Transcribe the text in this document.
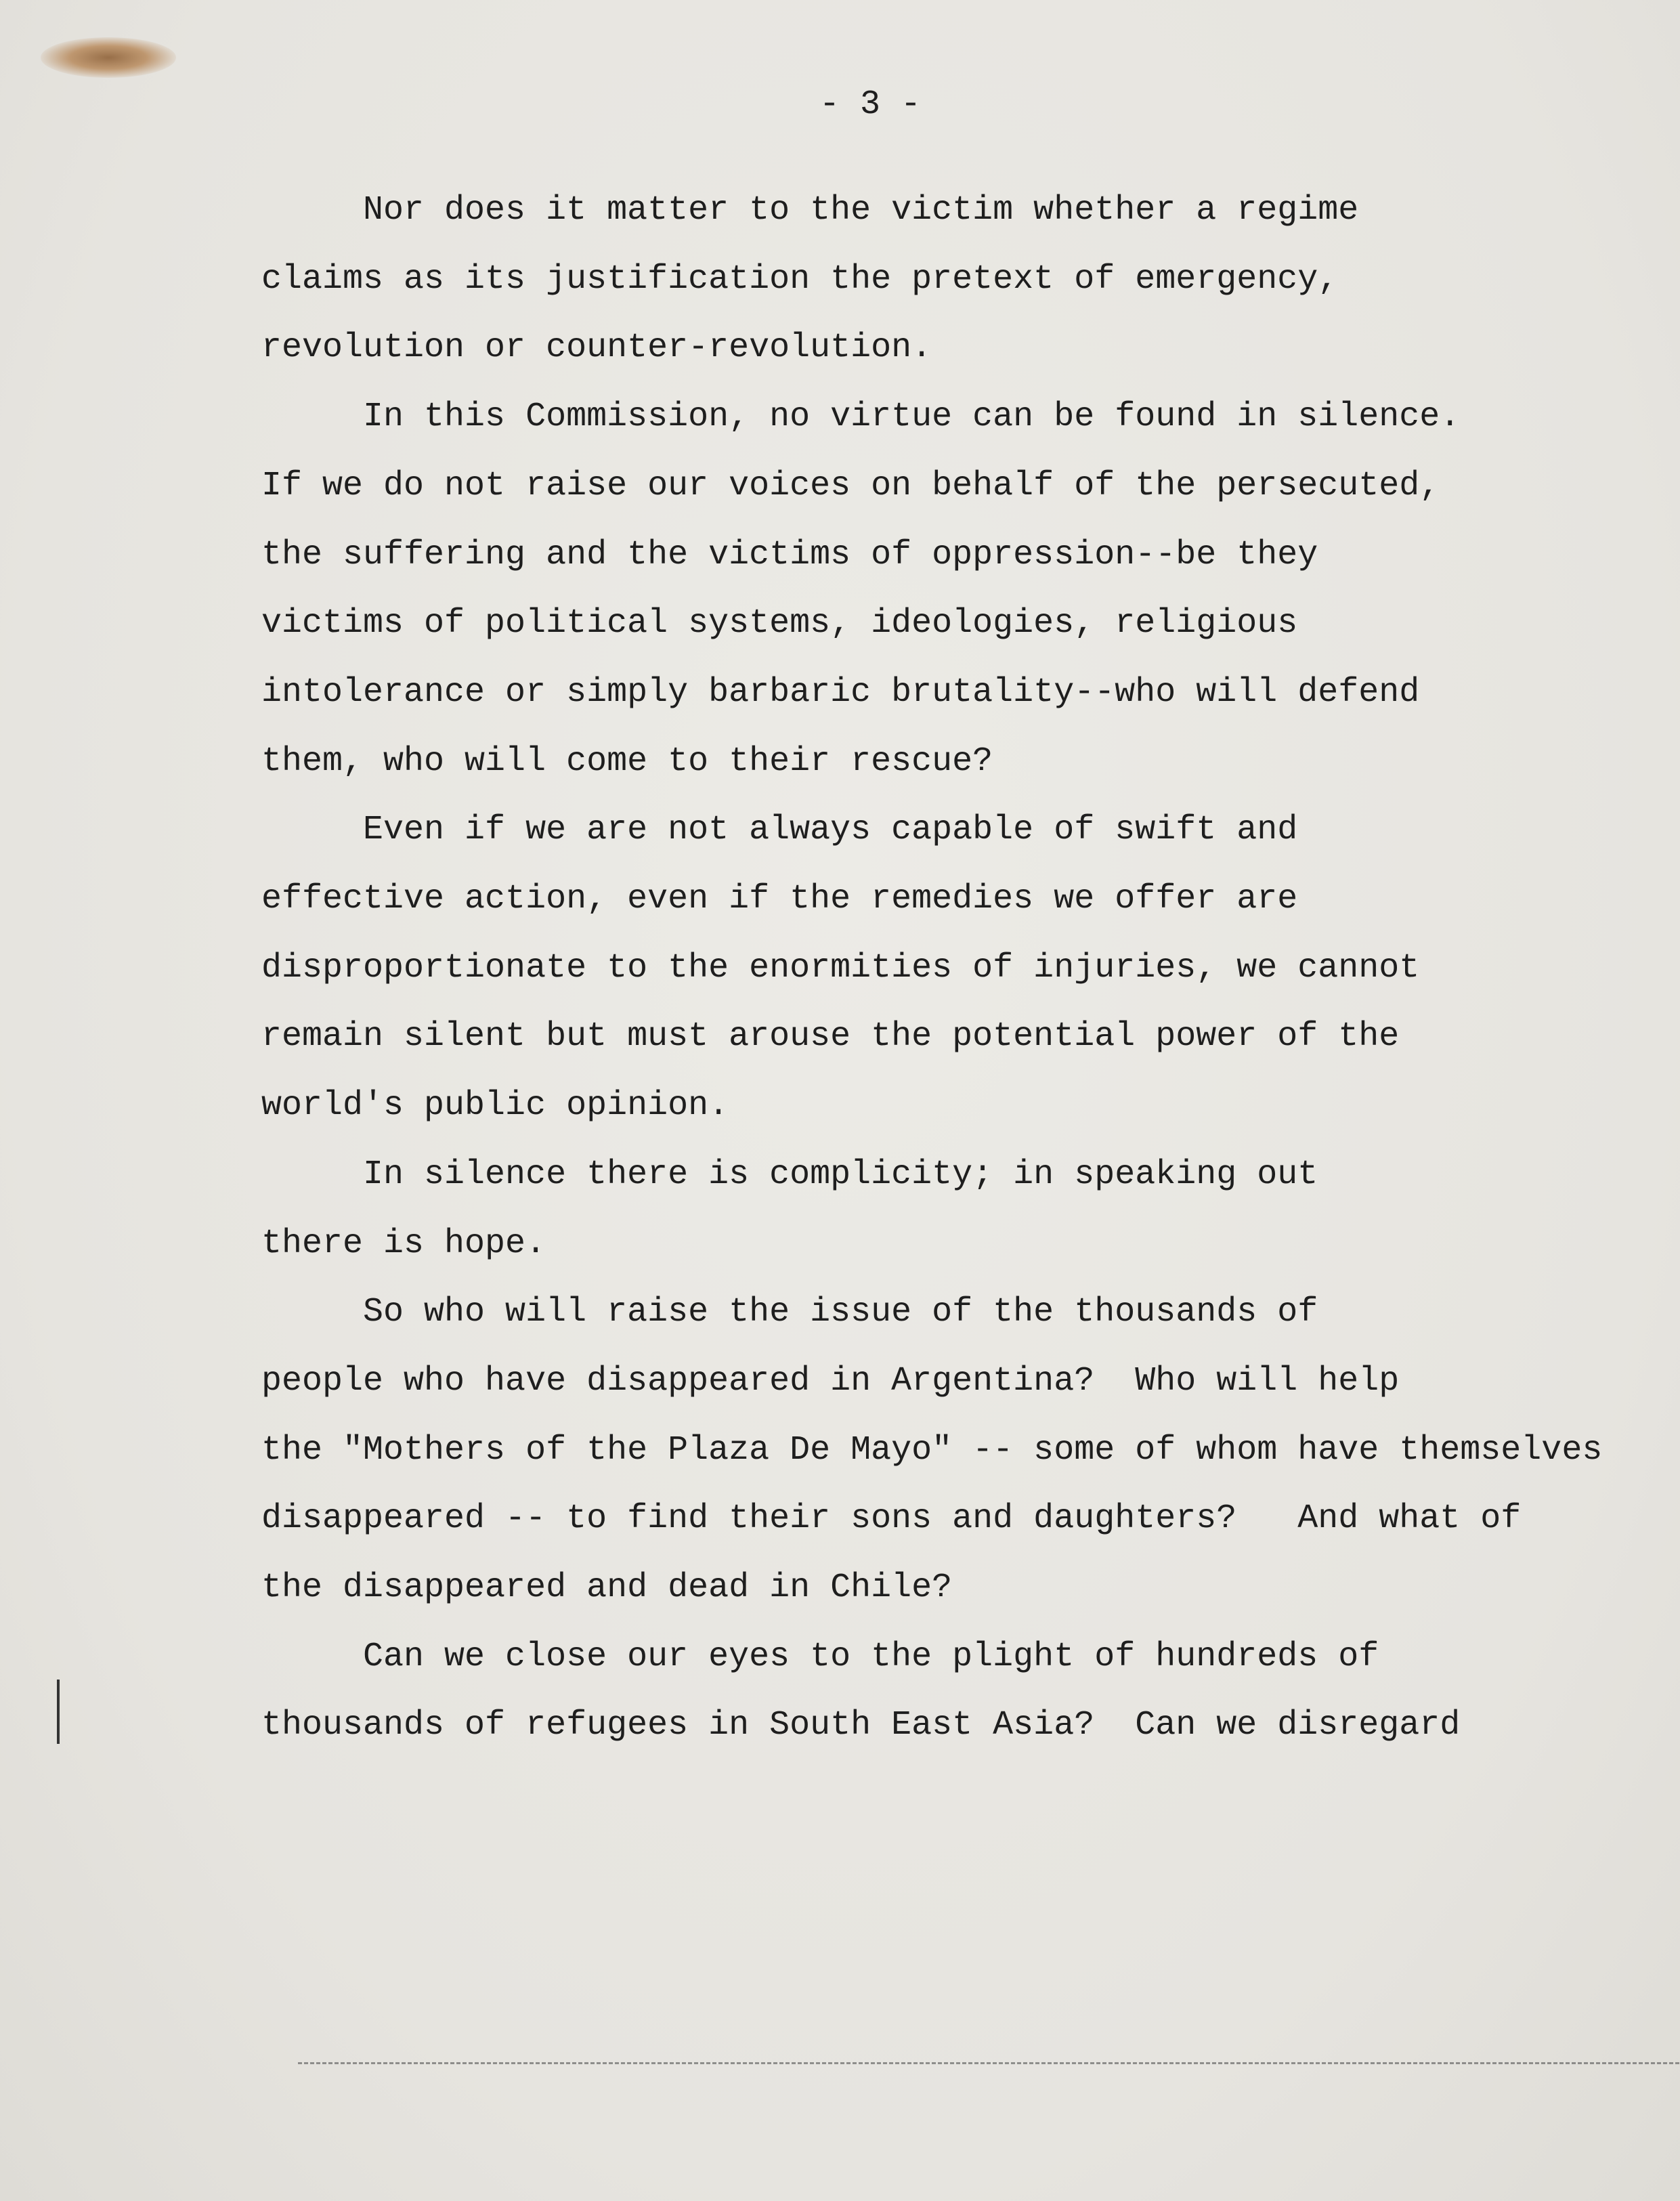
- 3 -
Nor does it matter to the victim whether a regime
claims as its justification the pretext of emergency,
revolution or counter-revolution.
In this Commission, no virtue can be found in silence.
If we do not raise our voices on behalf of the persecuted,
the suffering and the victims of oppression--be they
victims of political systems, ideologies, religious
intolerance or simply barbaric brutality--who will defend
them, who will come to their rescue?
Even if we are not always capable of swift and
effective action, even if the remedies we offer are
disproportionate to the enormities of injuries, we cannot
remain silent but must arouse the potential power of the
world's public opinion.
In silence there is complicity; in speaking out
there is hope.
So who will raise the issue of the thousands of
people who have disappeared in Argentina?  Who will help
the "Mothers of the Plaza De Mayo" -- some of whom have themselves
disappeared -- to find their sons and daughters?   And what of
the disappeared and dead in Chile?
Can we close our eyes to the plight of hundreds of
thousands of refugees in South East Asia?  Can we disregard
